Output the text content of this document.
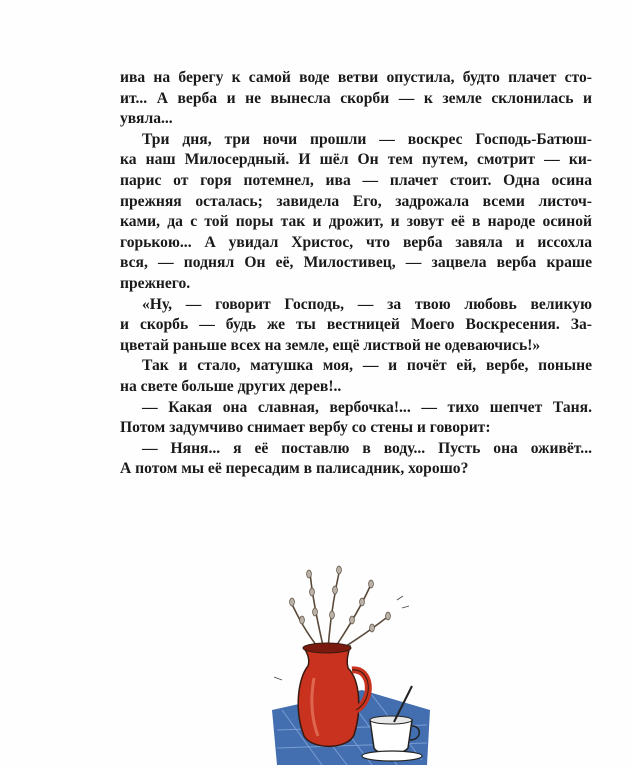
ива на берегу к самой воде ветви опустила, будто плачет сто-
ит... А верба и не вынесла скорби — к земле склонилась и
увяла...
Три дня, три ночи прошли — воскрес Господь-Батюш-
ка наш Милосердный. И шёл Он тем путем, смотрит — ки-
парис от горя потемнел, ива — плачет стоит. Одна осина
прежняя осталась; завидела Его, задрожала всеми листоч-
ками, да с той поры так и дрожит, и зовут её в народе осиной
горькою... А увидал Христос, что верба завяла и иссохла
вся, — поднял Он её, Милостивец, — зацвела верба краше
прежнего.
«Ну, — говорит Господь, — за твою любовь великую
и скорбь — будь же ты вестницей Моего Воскресения. За-
цветай раньше всех на земле, ещё листвой не одеваючись!»
Так и стало, матушка моя, — и почёт ей, вербе, поныне
на свете больше других дерев!..
— Какая она славная, вербочка!... — тихо шепчет Таня.
Потом задумчиво снимает вербу со стены и говорит:
— Няня... я её поставлю в воду... Пусть она оживёт...
А потом мы её пересадим в палисадник, хорошо?
